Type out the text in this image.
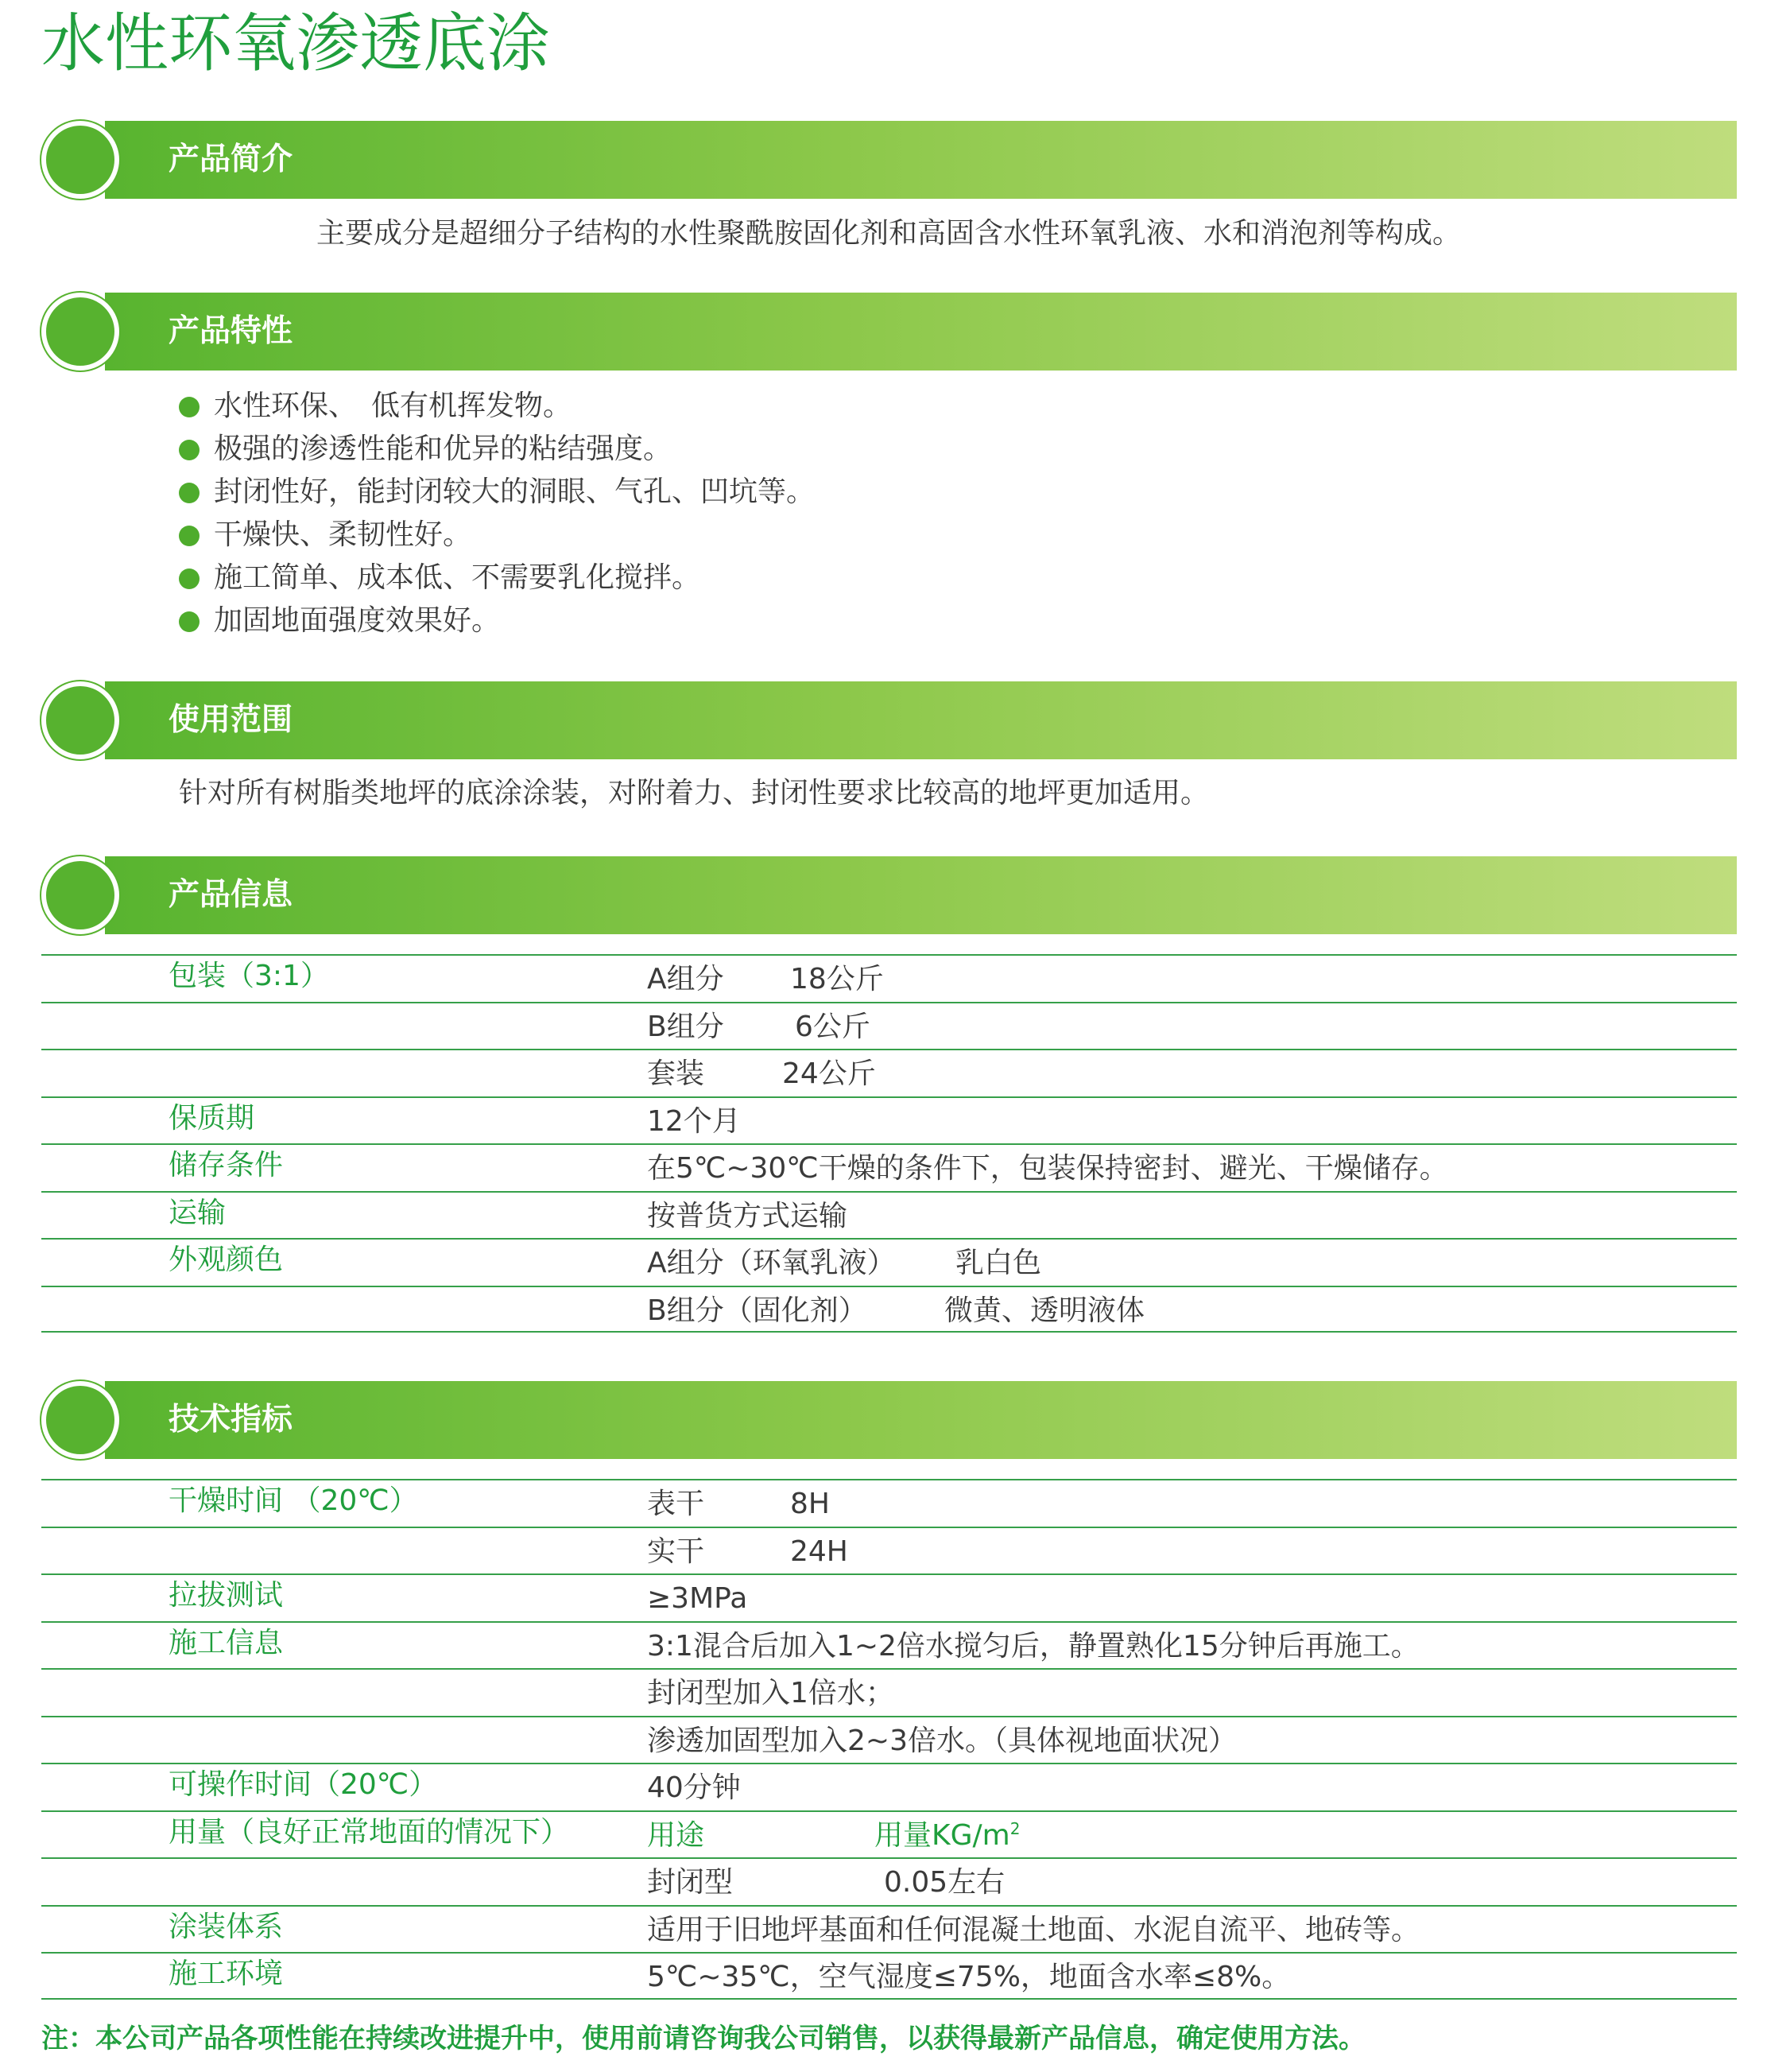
水性环氧渗透底涂
产品简介
主要成分是超细分子结构的水性聚酰胺固化剂和高固含水性环氧乳液、水和消泡剂等构成。
产品特性
水性环保、　低有机挥发物。
极强的渗透性能和优异的粘结强度。
封闭性好，能封闭较大的洞眼、气孔、凹坑等。
干燥快、柔韧性好。
施工简单、成本低、不需要乳化搅拌。
加固地面强度效果好。
使用范围
针对所有树脂类地坪的底涂涂装，对附着力、封闭性要求比较高的地坪更加适用。
产品信息
包装（3:1）	A组分 18公斤
B组分 6公斤
套装	24公斤
保质期	12个月
储存条件	在5℃~30℃干燥的条件下，包装保持密封、避光、干燥储存。
运输	按普货方式运输
外观颜色	A组分（环氧乳液） 乳白色
B组分（固化剂）	微黄、透明液体
技术指标
干燥时间 （20℃）	表干	8H
实干	24H
拉拔测试	≥3MPa
施工信息	3:1混合后加入1~2倍水搅匀后，静置熟化15分钟后再施工。
封闭型加入1倍水；
渗透加固型加入2~3倍水。（具体视地面状况）
可操作时间（20℃）	40分钟
用量（良好正常地面的情况下）	用途	用量$KG/m^2$
封闭型	0.05左右
涂装体系	适用于旧地坪基面和任何混凝土地面、水泥自流平、地砖等。
施工环境	5℃~35℃，空气湿度≤75%，地面含水率≤8%。
注：本公司产品各项性能在持续改进提升中，使用前请咨询我公司销售，以获得最新产品信息，确定使用方法。
